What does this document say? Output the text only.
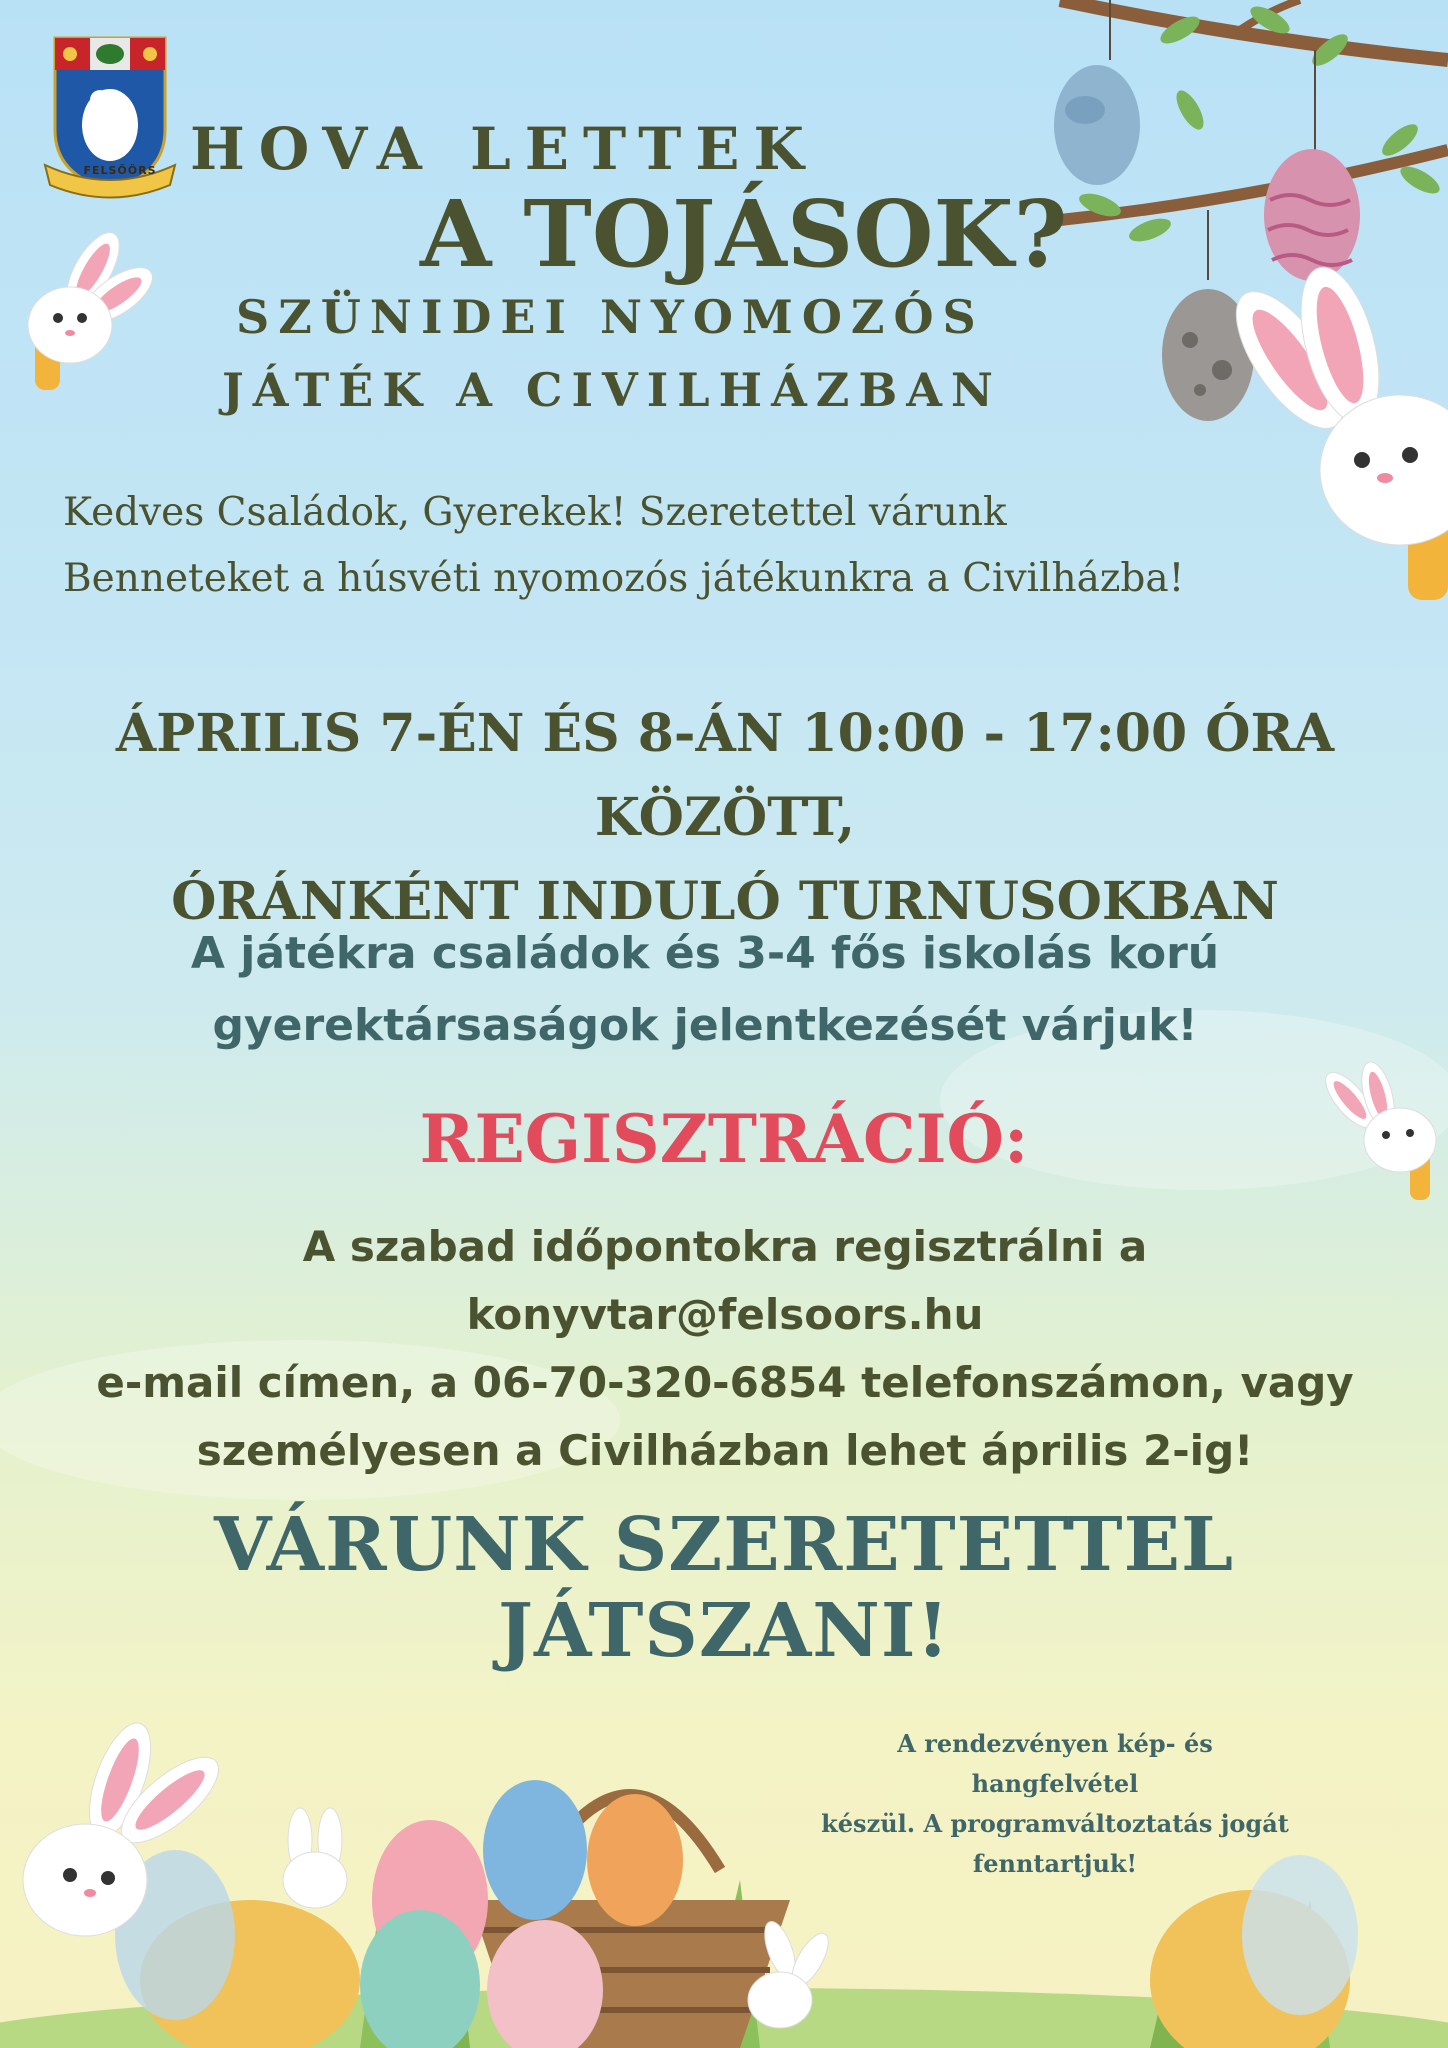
FELSŐÖRS HOVA LETTEK
A TOJÁSOK?
SZÜNIDEI NYOMOZÓS
JÁTÉK A CIVILHÁZBAN
Kedves Családok, Gyerekek! Szeretettel várunk
Benneteket a húsvéti nyomozós játékunkra a Civilházba!
ÁPRILIS 7-ÉN ÉS 8-ÁN 10:00 - 17:00 ÓRA KÖZÖTT,
ÓRÁNKÉNT INDULÓ TURNUSOKBAN
A játékra családok és 3-4 fős iskolás korú
gyerektársaságok jelentkezését várjuk!
REGISZTRÁCIÓ:
A szabad időpontokra regisztrálni a konyvtar@felsoors.hu
e-mail címen, a 06-70-320-6854 telefonszámon, vagy
személyesen a Civilházban lehet április 2-ig!
VÁRUNK SZERETETTEL JÁTSZANI!
A rendezvényen kép- és hangfelvétel
készül. A programváltoztatás jogát
fenntartjuk!
